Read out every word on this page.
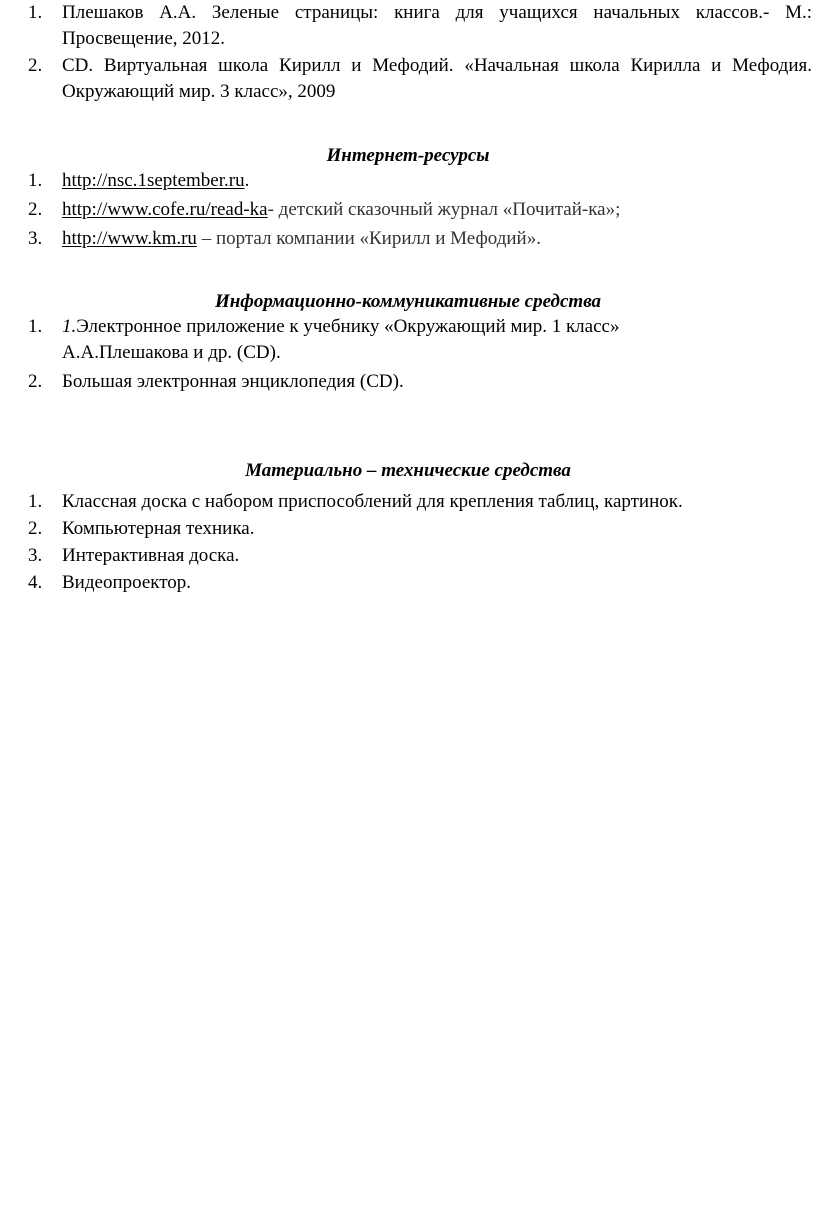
1. Плешаков А.А. Зеленые страницы: книга для учащихся начальных классов.- М.: Просвещение, 2012.
2. CD. Виртуальная школа Кирилл и Мефодий. «Начальная школа Кирилла и Мефодия. Окружающий мир. 3 класс», 2009

Интернет-ресурсы

1. http://nsc.1september.ru.
2. http://www.cofe.ru/read-ka- детский сказочный журнал «Почитай-ка»;
3. http://www.km.ru – портал компании «Кирилл и Мефодий».

Информационно-коммуникативные средства

1. 1.Электронное приложение к учебнику «Окружающий мир. 1 класс» А.А.Плешакова и др. (CD).
2. Большая электронная энциклопедия (CD).

Материально – технические средства

1. Классная доска с набором приспособлений для крепления таблиц, картинок.
2. Компьютерная техника.
3. Интерактивная доска.
4. Видеопроектор.
